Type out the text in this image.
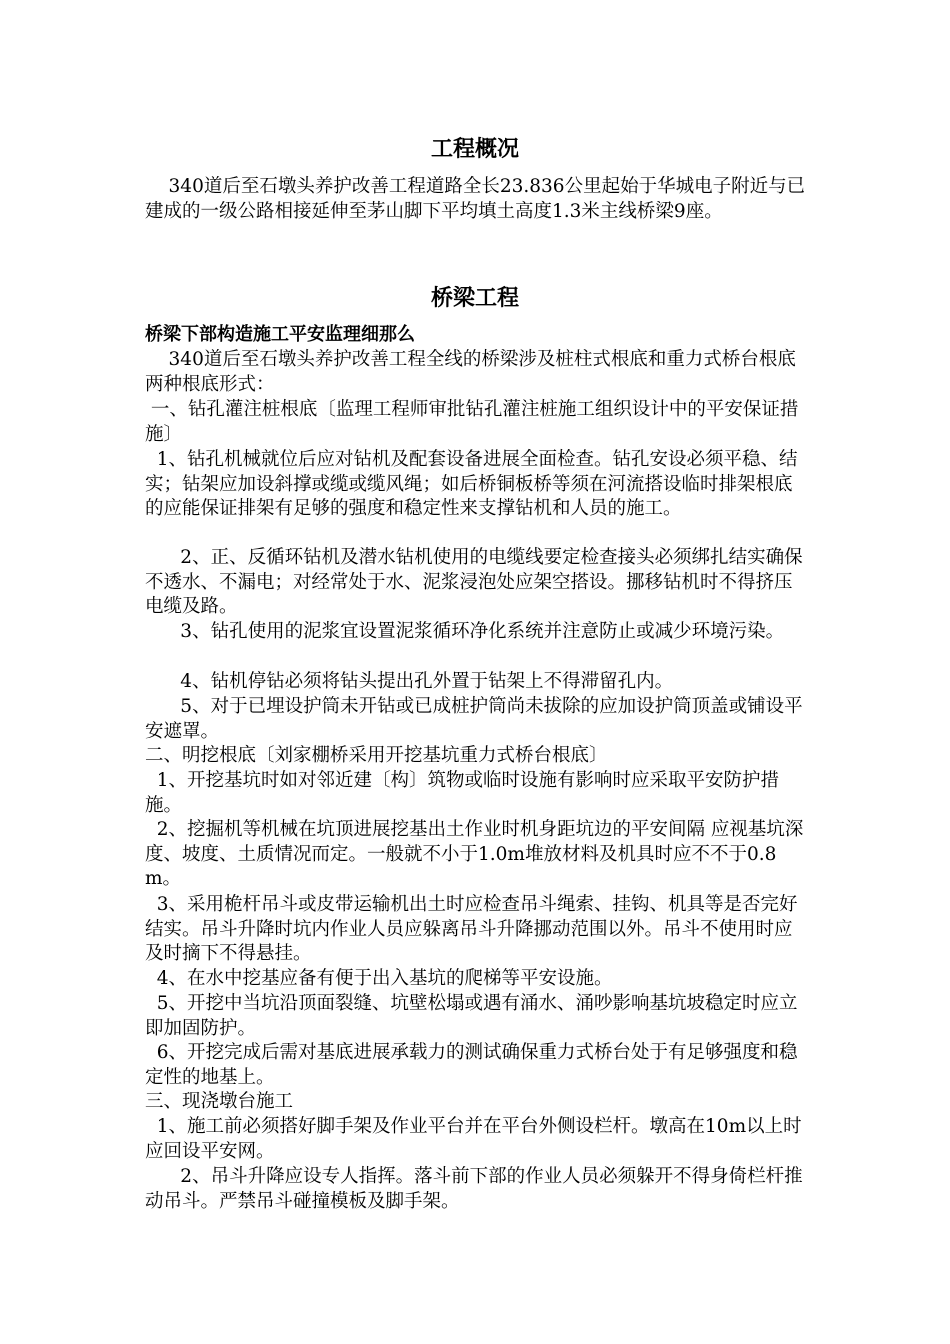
工程概况

340道后至石墩头养护改善工程道路全长23.836公里起始于华城电子附近与已建成的一级公路相接延伸至茅山脚下平均填土高度1.3米主线桥梁9座。

桥梁工程
桥梁下部构造施工平安监理细那么

340道后至石墩头养护改善工程全线的桥梁涉及桩柱式根底和重力式桥台根底两种根底形式：

一、钻孔灌注桩根底〔监理工程师审批钻孔灌注桩施工组织设计中的平安保证措施〕

1、钻孔机械就位后应对钻机及配套设备进展全面检查。钻孔安设必须平稳、结实；钻架应加设斜撑或缆或缆风绳；如后桥铜板桥等须在河流搭设临时排架根底的应能保证排架有足够的强度和稳定性来支撑钻机和人员的施工。

2、正、反循环钻机及潜水钻机使用的电缆线要定检查接头必须绑扎结实确保不透水、不漏电；对经常处于水、泥浆浸泡处应架空搭设。挪移钻机时不得挤压电缆及路。

3、钻孔使用的泥浆宜设置泥浆循环净化系统并注意防止或减少环境污染。

4、钻机停钻必须将钻头提出孔外置于钻架上不得滞留孔内。

5、对于已埋设护筒未开钻或已成桩护筒尚未拔除的应加设护筒顶盖或铺设平安遮罩。

二、明挖根底〔刘家棚桥采用开挖基坑重力式桥台根底〕

1、开挖基坑时如对邻近建〔构〕筑物或临时设施有影响时应采取平安防护措施。

2、挖掘机等机械在坑顶进展挖基出土作业时机身距坑边的平安间隔 应视基坑深度、坡度、土质情况而定。一般就不小于1.0m堆放材料及机具时应不不于0.8m。

3、采用桅杆吊斗或皮带运输机出土时应检查吊斗绳索、挂钩、机具等是否完好结实。吊斗升降时坑内作业人员应躲离吊斗升降挪动范围以外。吊斗不使用时应及时摘下不得悬挂。

4、在水中挖基应备有便于出入基坑的爬梯等平安设施。

5、开挖中当坑沿顶面裂缝、坑壁松塌或遇有涌水、涌吵影响基坑坡稳定时应立即加固防护。

6、开挖完成后需对基底进展承载力的测试确保重力式桥台处于有足够强度和稳定性的地基上。

三、现浇墩台施工

1、施工前必须搭好脚手架及作业平台并在平台外侧设栏杆。墩高在10m以上时应回设平安网。

2、吊斗升降应设专人指挥。落斗前下部的作业人员必须躲开不得身倚栏杆推动吊斗。严禁吊斗碰撞模板及脚手架。
